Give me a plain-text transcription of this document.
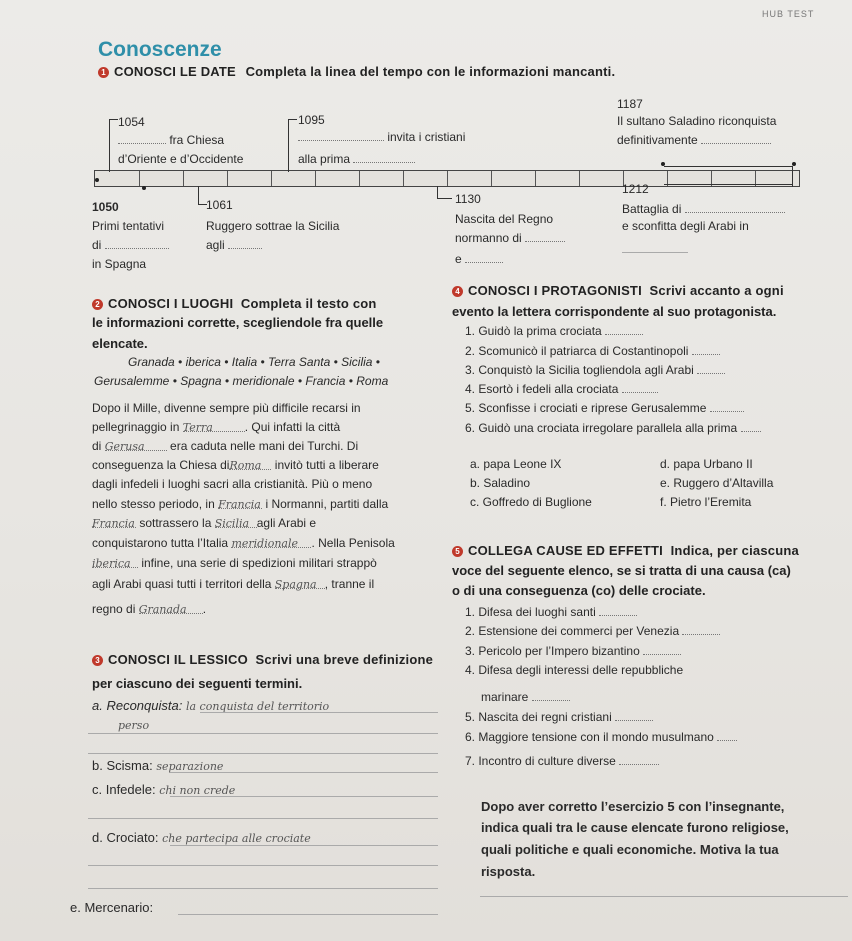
HUB TEST
Conoscenze
1 CONOSCI LE DATE Completa la linea del tempo con le informazioni mancanti.
1054
fra Chiesa
d’Oriente e d’Occidente
1095
invita i cristiani
alla prima
1187
Il sultano Saladino riconquista
definitivamente
1050
Primi tentativi
di
in Spagna
1061
Ruggero sottrae la Sicilia
agli
1130
Nascita del Regno
normanno di
e
1212
Battaglia di
e sconfitta degli Arabi in
2 CONOSCI I LUOGHI Completa il testo con
le informazioni corrette, scegliendole fra quelle
elencate.
Granada • iberica • Italia • Terra Santa • Sicilia •
Gerusalemme • Spagna • meridionale • Francia • Roma
Dopo il Mille, divenne sempre più difficile recarsi in
pellegrinaggio in Terra	. Qui infatti la città
di Gerusa era caduta nelle mani dei Turchi. Di
conseguenza la Chiesa diRoma invitò tutti a liberare
dagli infedeli i luoghi sacri alla cristianità. Più o meno
nello stesso periodo, in Francia i Normanni, partiti dalla
Francia sottrassero la Sicilia agli Arabi e
conquistarono tutta l’Italia meridionale . Nella Penisola
iberica infine, una serie di spedizioni militari strappò
agli Arabi quasi tutti i territori della Spagna , tranne il
regno di Granada .
3 CONOSCI IL LESSICO Scrivi una breve definizione
per ciascuno dei seguenti termini.
a. Reconquista: la conquista del territorio
perso
b. Scisma: separazione
c. Infedele: chi non crede
d. Crociato: che partecipa alle crociate
e. Mercenario:
4 CONOSCI I PROTAGONISTI Scrivi accanto a ogni
evento la lettera corrispondente al suo protagonista.
1. Guidò la prima crociata
2. Scomunicò il patriarca di Costantinopoli
3. Conquistò la Sicilia togliendola agli Arabi
4. Esortò i fedeli alla crociata
5. Sconfisse i crociati e riprese Gerusalemme
6. Guidò una crociata irregolare parallela alla prima
a. papa Leone IX
b. Saladino
c. Goffredo di Buglione
d. papa Urbano II
e. Ruggero d’Altavilla
f. Pietro l’Eremita
5 COLLEGA CAUSE ED EFFETTI Indica, per ciascuna
voce del seguente elenco, se si tratta di una causa (ca)
o di una conseguenza (co) delle crociate.
1. Difesa dei luoghi santi
2. Estensione dei commerci per Venezia
3. Pericolo per l’Impero bizantino
4. Difesa degli interessi delle repubbliche
marinare
5. Nascita dei regni cristiani
6. Maggiore tensione con il mondo musulmano
7. Incontro di culture diverse
Dopo aver corretto l’esercizio 5 con l’insegnante,
indica quali tra le cause elencate furono religiose,
quali politiche e quali economiche. Motiva la tua
risposta.
